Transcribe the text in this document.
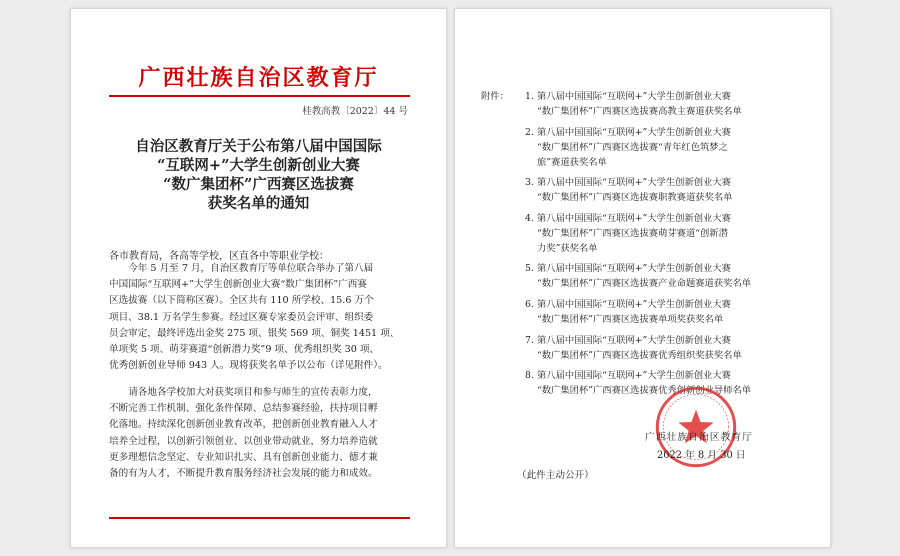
广西壮族自治区教育厅
桂教高教〔2022〕44 号
自治区教育厅关于公布第八届中国国际
“互联网+”大学生创新创业大赛
“数广集团杯”广西赛区选拔赛
获奖名单的通知
各市教育局，各高等学校，区直各中等职业学校：
今年 5 月至 7 月，自治区教育厅等单位联合举办了第八届
中国国际“互联网+”大学生创新创业大赛“数广集团杯”广西赛
区选拔赛（以下简称区赛）。全区共有 110 所学校、15.6 万个
项目、38.1 万名学生参赛。经过区赛专家委员会评审、组织委
员会审定，最终评选出金奖 275 项、银奖 569 项、铜奖 1451 项、
单项奖 5 项、萌芽赛道“创新潜力奖”9 项、优秀组织奖 30 项、
优秀创新创业导师 943 人。现将获奖名单予以公布（详见附件）。
请各地各学校加大对获奖项目和参与师生的宣传表彰力度，
不断完善工作机制、强化条件保障、总结参赛经验，扶持项目孵
化落地。持续深化创新创业教育改革，把创新创业教育融入人才
培养全过程，以创新引领创业、以创业带动就业，努力培养造就
更多理想信念坚定、专业知识扎实、具有创新创业能力、德才兼
备的有为人才，不断提升教育服务经济社会发展的能力和成效。
附件： 1. 第八届中国国际“互联网+”大学生创新创业大赛
“数广集团杯”广西赛区选拔赛高教主赛道获奖名单
2. 第八届中国国际“互联网+”大学生创新创业大赛
“数广集团杯”广西赛区选拔赛“青年红色筑梦之
旅”赛道获奖名单
3. 第八届中国国际“互联网+”大学生创新创业大赛
“数广集团杯”广西赛区选拔赛职教赛道获奖名单
4. 第八届中国国际“互联网+”大学生创新创业大赛
“数广集团杯”广西赛区选拔赛萌芽赛道“创新潜
力奖”获奖名单
5. 第八届中国国际“互联网+”大学生创新创业大赛
“数广集团杯”广西赛区选拔赛产业命题赛道获奖名单
6. 第八届中国国际“互联网+”大学生创新创业大赛
“数广集团杯”广西赛区选拔赛单项奖获奖名单
7. 第八届中国国际“互联网+”大学生创新创业大赛
“数广集团杯”广西赛区选拔赛优秀组织奖获奖名单
8. 第八届中国国际“互联网+”大学生创新创业大赛
“数广集团杯”广西赛区选拔赛优秀创新创业导师名单
广西壮族自治区教育厅
2022 年 8 月 30 日
（此件主动公开）
